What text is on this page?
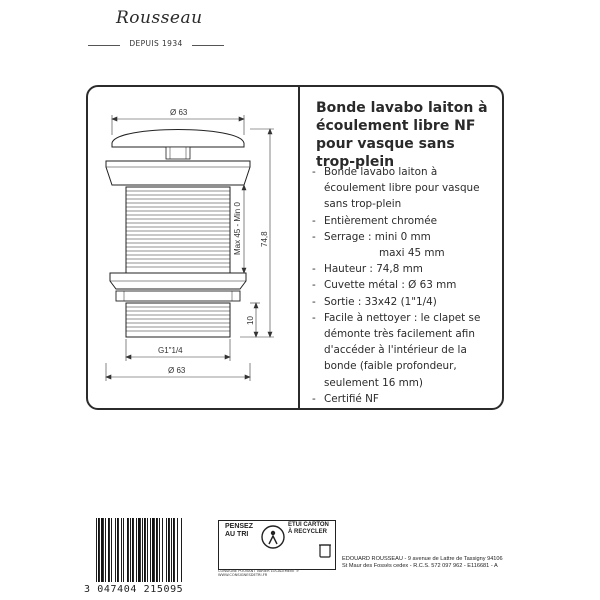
Rousseau
DEPUIS 1934
Ø 63
G1"1/4
Ø 63
Max 45 - Min 0 74,8
10
Bonde lavabo laiton à écoulement libre NF pour vasque sans trop-plein
- Bonde lavabo laiton à écoulement libre pour vasque sans trop-plein
- Entièrement chromée
- Serrage : mini 0 mm
maxi 45 mm
- Hauteur : 74,8 mm
- Cuvette métal : Ø 63 mm
- Sortie : 33x42 (1"1/4)
- Facile à nettoyer : le clapet se démonte très facilement afin d'accéder à l'intérieur de la bonde (faible profondeur, seulement 16 mm)
- Certifié NF
3 047404 215095
PENSEZ AU TRI
ETUI CARTON À RECYCLER
CONSIGNE POUVANT VARIER LOCALEMENT > WWW.CONSIGNESDETRI.FR
EDOUARD ROUSSEAU - 9 avenue de Lattre de Tassigny 94106
St Maur des Fossés cedex - R.C.S. 572 097 962 - E116681 - A
